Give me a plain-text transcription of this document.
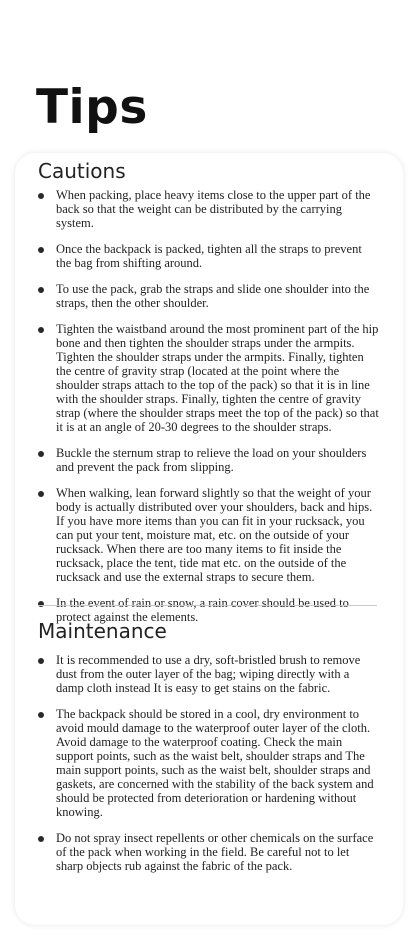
Tips
Cautions
When packing, place heavy items close to the upper part of the back so that the weight can be distributed by the carrying system.
Once the backpack is packed, tighten all the straps to prevent the bag from shifting around.
To use the pack, grab the straps and slide one shoulder into the straps, then the other shoulder.
Tighten the waistband around the most prominent part of the hip bone and then tighten the shoulder straps under the armpits. Tighten the shoulder straps under the armpits. Finally, tighten the centre of gravity strap (located at the point where the shoulder straps attach to the top of the pack) so that it is in line with the shoulder straps. Finally, tighten the centre of gravity strap (where the shoulder straps meet the top of the pack) so that it is at an angle of 20-30 degrees to the shoulder straps.
Buckle the sternum strap to relieve the load on your shoulders and prevent the pack from slipping.
When walking, lean forward slightly so that the weight of your body is actually distributed over your shoulders, back and hips. If you have more items than you can fit in your rucksack, you can put your tent, moisture mat, etc. on the outside of your rucksack. When there are too many items to fit inside the rucksack, place the tent, tide mat etc. on the outside of the rucksack and use the external straps to secure them.
In the event of rain or snow, a rain cover should be used to protect against the elements.
Maintenance
It is recommended to use a dry, soft-bristled brush to remove dust from the outer layer of the bag; wiping directly with a damp cloth instead It is easy to get stains on the fabric.
The backpack should be stored in a cool, dry environment to avoid mould damage to the waterproof outer layer of the cloth. Avoid damage to the waterproof coating. Check the main support points, such as the waist belt, shoulder straps and The main support points, such as the waist belt, shoulder straps and gaskets, are concerned with the stability of the back system and should be protected from deterioration or hardening without knowing.
Do not spray insect repellents or other chemicals on the surface of the pack when working in the field. Be careful not to let sharp objects rub against the fabric of the pack.
